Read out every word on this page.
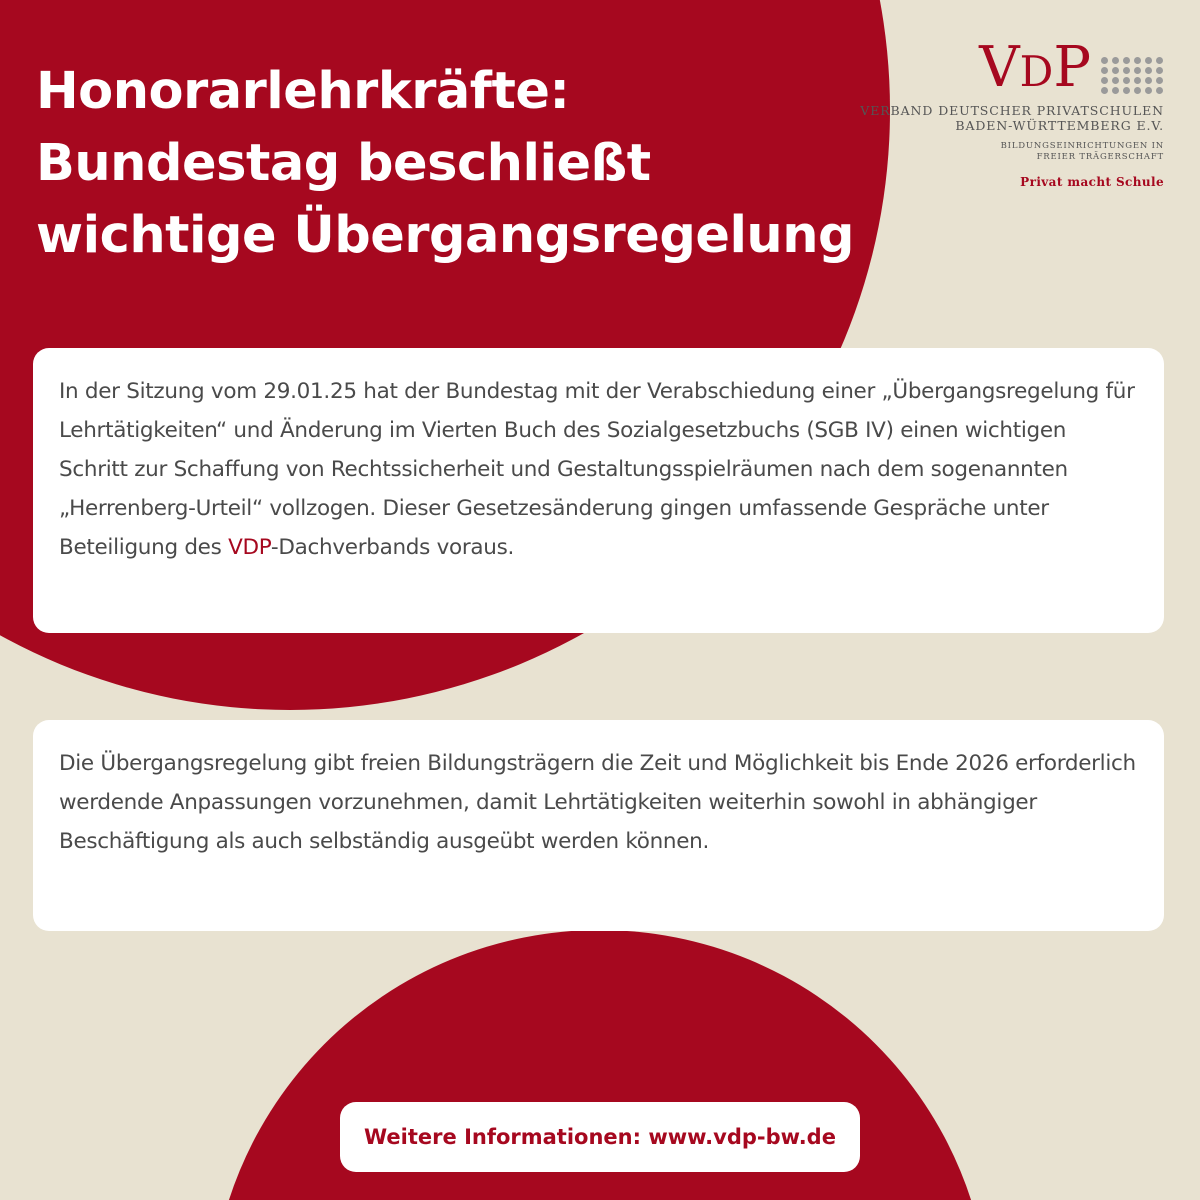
Honorarlehrkräfte:
Bundestag beschließt
wichtige Übergangsregelung
VDP
VERBAND DEUTSCHER PRIVATSCHULEN
BADEN-WÜRTTEMBERG E.V.
BILDUNGSEINRICHTUNGEN IN
FREIER TRÄGERSCHAFT
Privat macht Schule
In der Sitzung vom 29.01.25 hat der Bundestag mit der Verabschiedung einer „Übergangsregelung für Lehrtätigkeiten“ und Änderung im Vierten Buch des Sozialgesetzbuchs (SGB IV) einen wichtigen Schritt zur Schaffung von Rechtssicherheit und Gestaltungsspielräumen nach dem sogenannten „Herrenberg-Urteil“ vollzogen. Dieser Gesetzesänderung gingen umfassende Gespräche unter Beteiligung des VDP-Dachverbands voraus.
Die Übergangsregelung gibt freien Bildungsträgern die Zeit und Möglichkeit bis Ende 2026 erforderlich werdende Anpassungen vorzunehmen, damit Lehrtätigkeiten weiterhin sowohl in abhängiger Beschäftigung als auch selbständig ausgeübt werden können.
Weitere Informationen: www.vdp-bw.de
